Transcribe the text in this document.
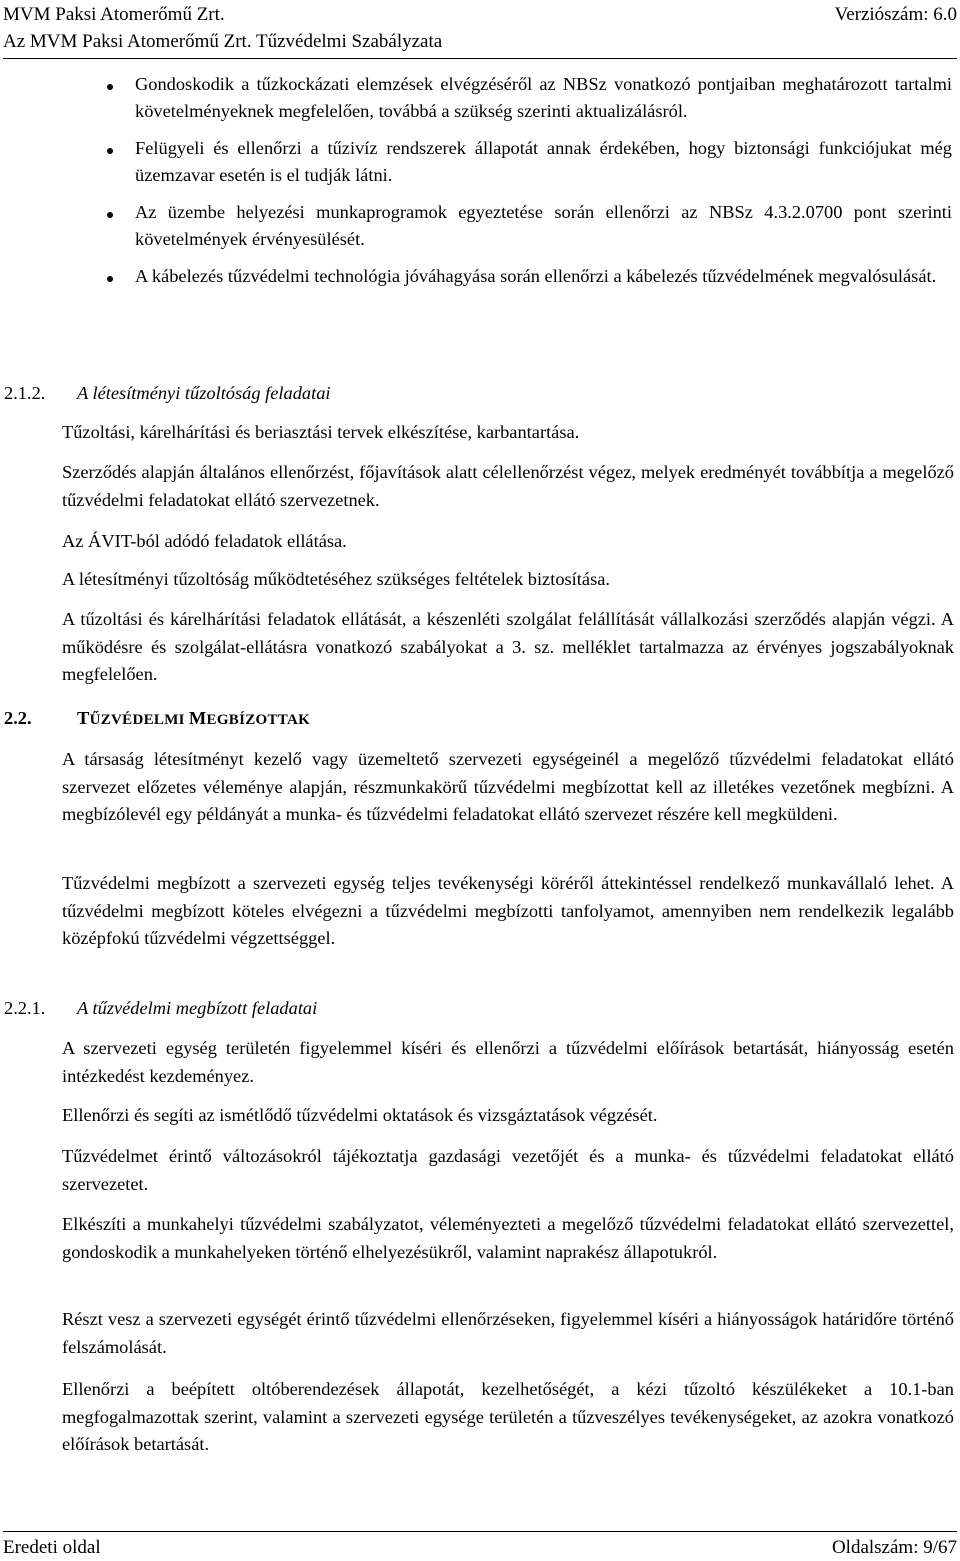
MVM Paksi Atomerőmű Zrt.	Verziószám: 6.0
Az MVM Paksi Atomerőmű Zrt. Tűzvédelmi Szabályzata
Gondoskodik a tűzkockázati elemzések elvégzéséről az NBSz vonatkozó pontjaiban meghatározott tartalmi követelményeknek megfelelően, továbbá a szükség szerinti aktualizálásról.
Felügyeli és ellenőrzi a tűzivíz rendszerek állapotát annak érdekében, hogy biztonsági funkciójukat még üzemzavar esetén is el tudják látni.
Az üzembe helyezési munkaprogramok egyeztetése során ellenőrzi az NBSz 4.3.2.0700 pont szerinti követelmények érvényesülését.
A kábelezés tűzvédelmi technológia jóváhagyása során ellenőrzi a kábelezés tűzvédelmének megvalósulását.
2.1.2. A létesítményi tűzoltóság feladatai

Tűzoltási, kárelhárítási és beriasztási tervek elkészítése, karbantartása.

Szerződés alapján általános ellenőrzést, főjavítások alatt célellenőrzést végez, melyek eredményét továbbítja a megelőző tűzvédelmi feladatokat ellátó szervezetnek.

Az ÁVIT-ból adódó feladatok ellátása.

A létesítményi tűzoltóság működtetéséhez szükséges feltételek biztosítása.

A tűzoltási és kárelhárítási feladatok ellátását, a készenléti szolgálat felállítását vállalkozási szerződés alapján végzi. A működésre és szolgálat-ellátásra vonatkozó szabályokat a 3. sz. melléklet tartalmazza az érvényes jogszabályoknak megfelelően.

2.2. TŰZVÉDELMI MEGBÍZOTTAK

A társaság létesítményt kezelő vagy üzemeltető szervezeti egységeinél a megelőző tűzvédelmi feladatokat ellátó szervezet előzetes véleménye alapján, részmunkakörű tűzvédelmi megbízottat kell az illetékes vezetőnek megbízni. A megbízólevél egy példányát a munka- és tűzvédelmi feladatokat ellátó szervezet részére kell megküldeni.

Tűzvédelmi megbízott a szervezeti egység teljes tevékenységi köréről áttekintéssel rendelkező munkavállaló lehet. A tűzvédelmi megbízott köteles elvégezni a tűzvédelmi megbízotti tanfolyamot, amennyiben nem rendelkezik legalább középfokú tűzvédelmi végzettséggel.

2.2.1. A tűzvédelmi megbízott feladatai

A szervezeti egység területén figyelemmel kíséri és ellenőrzi a tűzvédelmi előírások betartását, hiányosság esetén intézkedést kezdeményez.

Ellenőrzi és segíti az ismétlődő tűzvédelmi oktatások és vizsgáztatások végzését.

Tűzvédelmet érintő változásokról tájékoztatja gazdasági vezetőjét és a munka- és tűzvédelmi feladatokat ellátó szervezetet.

Elkészíti a munkahelyi tűzvédelmi szabályzatot, véleményezteti a megelőző tűzvédelmi feladatokat ellátó szervezettel, gondoskodik a munkahelyeken történő elhelyezésükről, valamint naprakész állapotukról.

Részt vesz a szervezeti egységét érintő tűzvédelmi ellenőrzéseken, figyelemmel kíséri a hiányosságok határidőre történő felszámolását.

Ellenőrzi a beépített oltóberendezések állapotát, kezelhetőségét, a kézi tűzoltó készülékeket a 10.1-ban megfogalmazottak szerint, valamint a szervezeti egysége területén a tűzveszélyes tevékenységeket, az azokra vonatkozó előírások betartását.

Eredeti oldal	Oldalszám: 9/67
